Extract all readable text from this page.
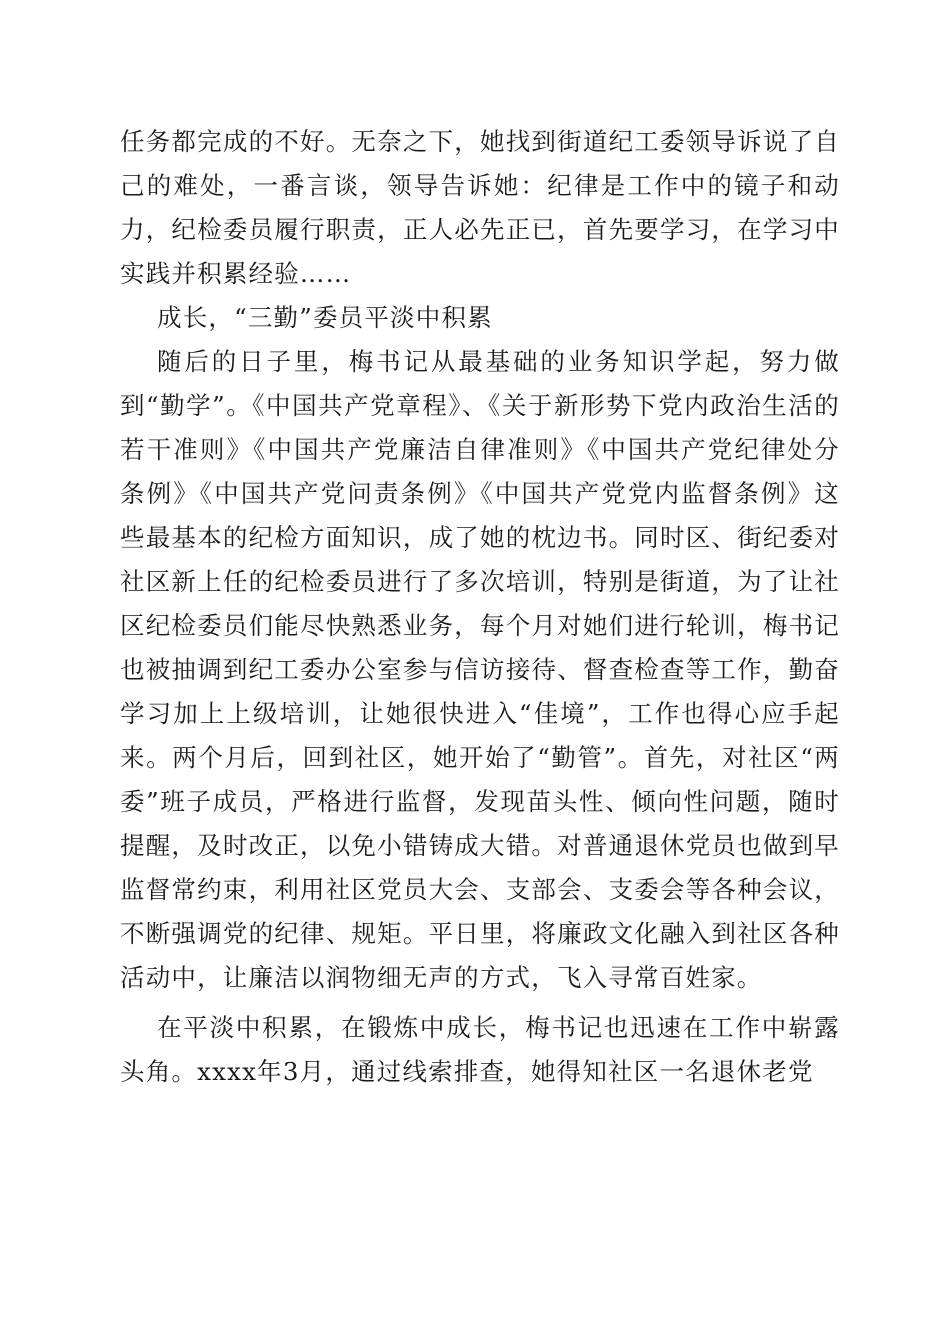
任务都完成的不好。无奈之下，她找到街道纪工委领导诉说了自己的难处，一番言谈，领导告诉她：纪律是工作中的镜子和动力，纪检委员履行职责，正人必先正已，首先要学习，在学习中实践并积累经验……

成长，“三勤”委员平淡中积累

随后的日子里，梅书记从最基础的业务知识学起，努力做到“勤学”。《中国共产党章程》、《关于新形势下党内政治生活的若干准则》《中国共产党廉洁自律准则》《中国共产党纪律处分条例》《中国共产党问责条例》《中国共产党党内监督条例》这些最基本的纪检方面知识，成了她的枕边书。同时区、街纪委对社区新上任的纪检委员进行了多次培训，特别是街道，为了让社区纪检委员们能尽快熟悉业务，每个月对她们进行轮训，梅书记也被抽调到纪工委办公室参与信访接待、督查检查等工作，勤奋学习加上上级培训，让她很快进入“佳境”，工作也得心应手起来。两个月后，回到社区，她开始了“勤管”。首先，对社区“两委”班子成员，严格进行监督，发现苗头性、倾向性问题，随时提醒，及时改正，以免小错铸成大错。对普通退休党员也做到早监督常约束，利用社区党员大会、支部会、支委会等各种会议，不断强调党的纪律、规矩。平日里，将廉政文化融入到社区各种活动中，让廉洁以润物细无声的方式，飞入寻常百姓家。

在平淡中积累，在锻炼中成长，梅书记也迅速在工作中崭露头角。xxxx年3月，通过线索排查，她得知社区一名退休老党
